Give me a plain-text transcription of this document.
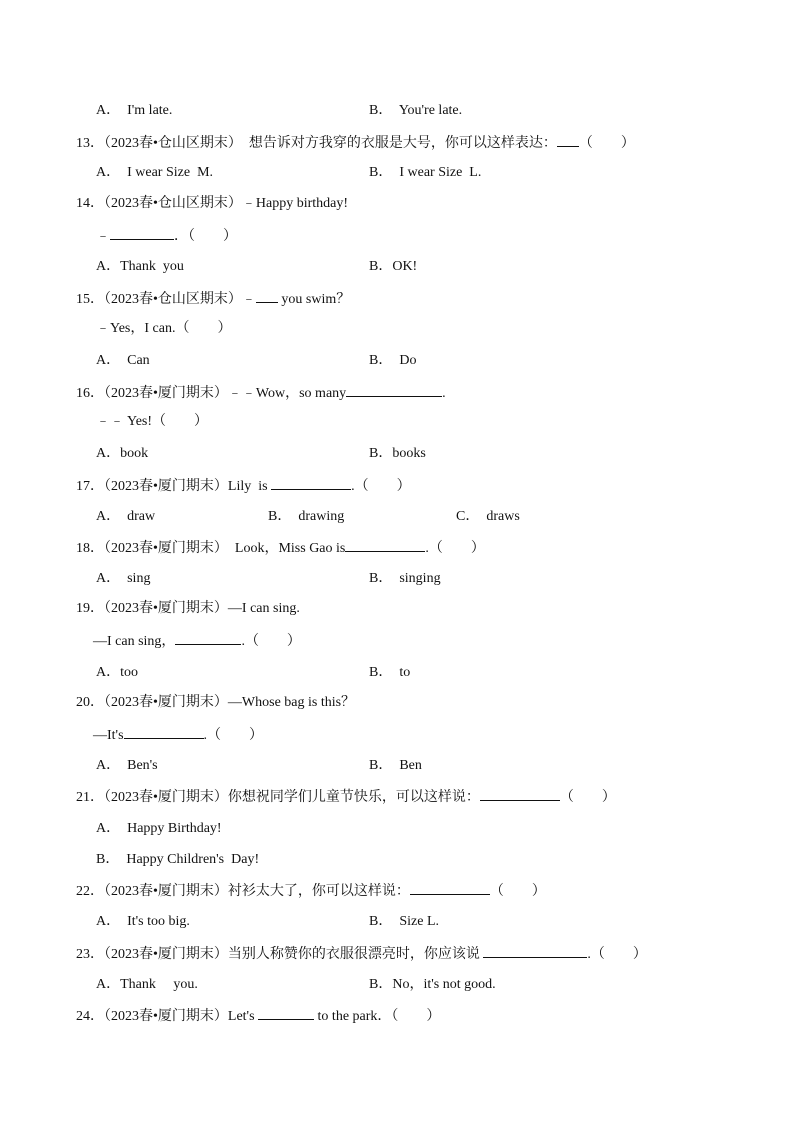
A．  I'm late.	B．  You're late.
13．（2023春•仓山区期末）  想告诉对方我穿的衣服是大号，你可以这样表达： （　　）
A．  I wear Size  M.	B．  I wear Size  L.
14．（2023春•仓山区期末）﹣Happy birthday!
﹣	．（　　）
A．Thank  you	B．OK!
15．（2023春•仓山区期末）﹣ you swim？
﹣Yes，I can.（　　）
A．  Can	B．  Do
16．（2023春•厦门期末）﹣﹣Wow，so many	.
﹣﹣ Yes!（　　）
A．book	B．books
17．（2023春•厦门期末）Lily  is	.（　　）
A．  draw	B．  drawing	C．  draws
18．（2023春•厦门期末）  Look，Miss Gao is	.（　　）
A．  sing	B．  singing
19．（2023春•厦门期末）—I can sing.
—I can sing，	.（　　）
A．too	B．  to
20．（2023春•厦门期末）—Whose bag is this？
—It's	.（　　）
A．  Ben's	B．  Ben
21．（2023春•厦门期末）你想祝同学们儿童节快乐，可以这样说：	（　　）
A．  Happy Birthday!
B．  Happy Children's  Day!
22．（2023春•厦门期末）衬衫太大了，你可以这样说：	（　　）
A．  It's too big.	B．  Size L.
23．（2023春•厦门期末）当别人称赞你的衣服很漂亮时，你应该说	.（　　）
A．Thank     you.	B．No，it's not good.
24．（2023春•厦门期末）Let's	to the park．（　　）
